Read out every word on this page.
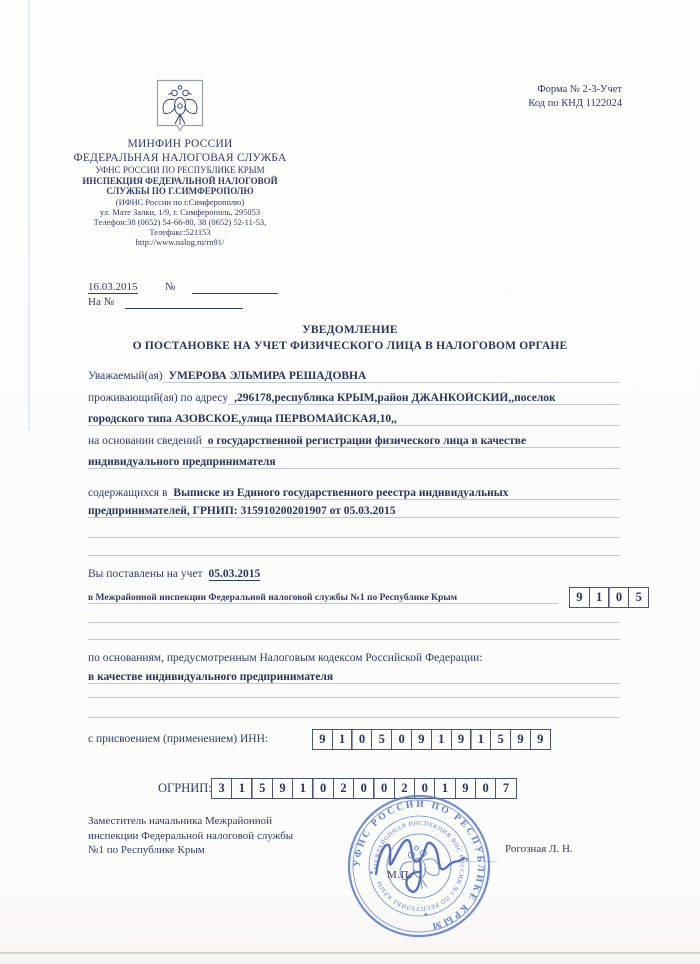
МИНФИН РОССИИ
ФЕДЕРАЛЬНАЯ НАЛОГОВАЯ СЛУЖБА
УФНС РОССИИ ПО РЕСПУБЛИКЕ КРЫМ
ИНСПЕКЦИЯ ФЕДЕРАЛЬНОЙ НАЛОГОВОЙ
СЛУЖБЫ ПО Г.СИМФЕРОПОЛЮ
(ИФНС России по г.Симферополю)
ул. Мате Залки, 1/9, г. Симферополь, 295053
Телефон:38 (0652) 54-66-80, 38 (0652) 52-11-53,
Телефакс:521153
http://www.nalog.ru/rn91/
Форма № 2-3-Учет
Код по КНД 1122024
16.03.2015	№
На №
УВЕДОМЛЕНИЕ
О ПОСТАНОВКЕ НА УЧЕТ ФИЗИЧЕСКОГО ЛИЦА В НАЛОГОВОМ ОРГАНЕ
Уважаемый(ая) УМЕРОВА ЭЛЬМИРА РЕШАДОВНА
проживающий(ая) по адресу ,296178,республика КРЫМ,район ДЖАНКОЙСКИЙ,,поселок
городского типа АЗОВСКОЕ,улица ПЕРВОМАЙСКАЯ,10,,
на основании сведений о государственной регистрации физического лица в качестве
индивидуального предпринимателя
содержащихся в Выписке из Единого государственного реестра индивидуальных
предпринимателей, ГРНИП: 315910200201907 от 05.03.2015
Вы поставлены на учет 05.03.2015
в Межрайонной инспекции Федеральной налоговой службы №1 по Республике Крым	9	1	0	5
по основаниям, предусмотренным Налоговым кодексом Российской Федерации:
в качестве индивидуального предпринимателя
с присвоением (применением) ИНН:	9	1	0	5	0	9	1	9	1	5	9	9
ОГРНИП: 3	1	5	9	1	0	2	0	0	2	0	1	9	0	7
Заместитель начальника Межрайонной
инспекции Федеральной налоговой службы
№1 по Республике Крым	Рогозная Л. Н.
УФНС РОССИИ ПО РЕСПУБЛИКЕ КРЫМ
МЕЖРАЙОННАЯ ИНСПЕКЦИЯ ФНС РОССИИ №1 ПО РЕСПУБЛИКЕ КРЫМ
М.П.
